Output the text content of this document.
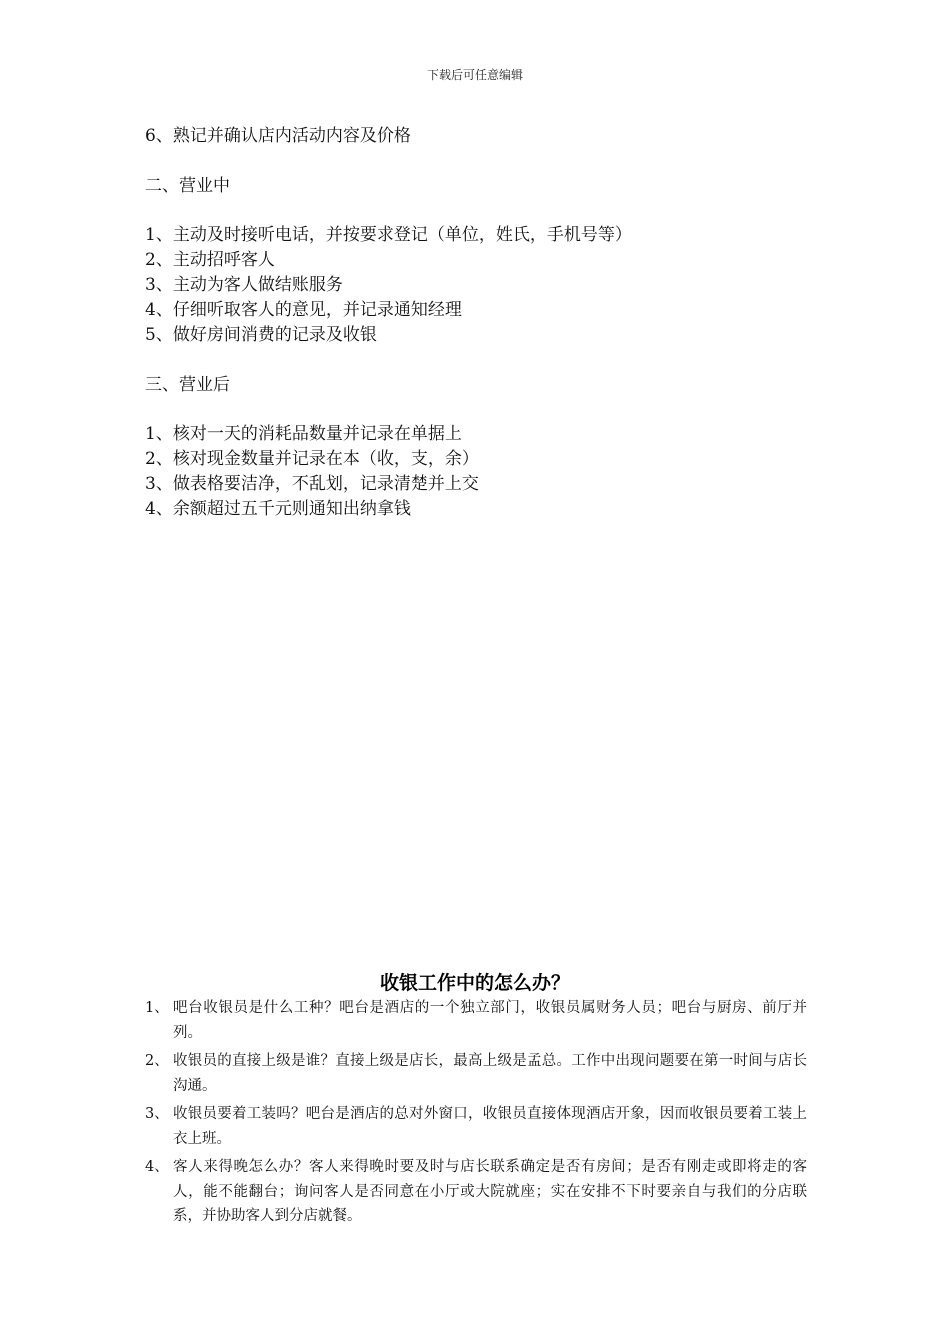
下载后可任意编辑
6、熟记并确认店内活动内容及价格
二、营业中
1、主动及时接听电话，并按要求登记（单位，姓氏，手机号等）
2、主动招呼客人
3、主动为客人做结账服务
4、仔细听取客人的意见，并记录通知经理
5、做好房间消费的记录及收银
三、营业后
1、核对一天的消耗品数量并记录在单据上
2、核对现金数量并记录在本（收，支，余）
3、做表格要洁净，不乱划，记录清楚并上交
4、余额超过五千元则通知出纳拿钱
收银工作中的怎么办？
1、 吧台收银员是什么工种？吧台是酒店的一个独立部门，收银员属财务人员；吧台与厨房、前厅并列。
2、 收银员的直接上级是谁？直接上级是店长，最高上级是孟总。工作中出现问题要在第一时间与店长沟通。
3、 收银员要着工装吗？吧台是酒店的总对外窗口，收银员直接体现酒店开象，因而收银员要着工装上衣上班。
4、 客人来得晚怎么办？客人来得晚时要及时与店长联系确定是否有房间；是否有刚走或即将走的客人，能不能翻台；询问客人是否同意在小厅或大院就座；实在安排不下时要亲自与我们的分店联系，并协助客人到分店就餐。
